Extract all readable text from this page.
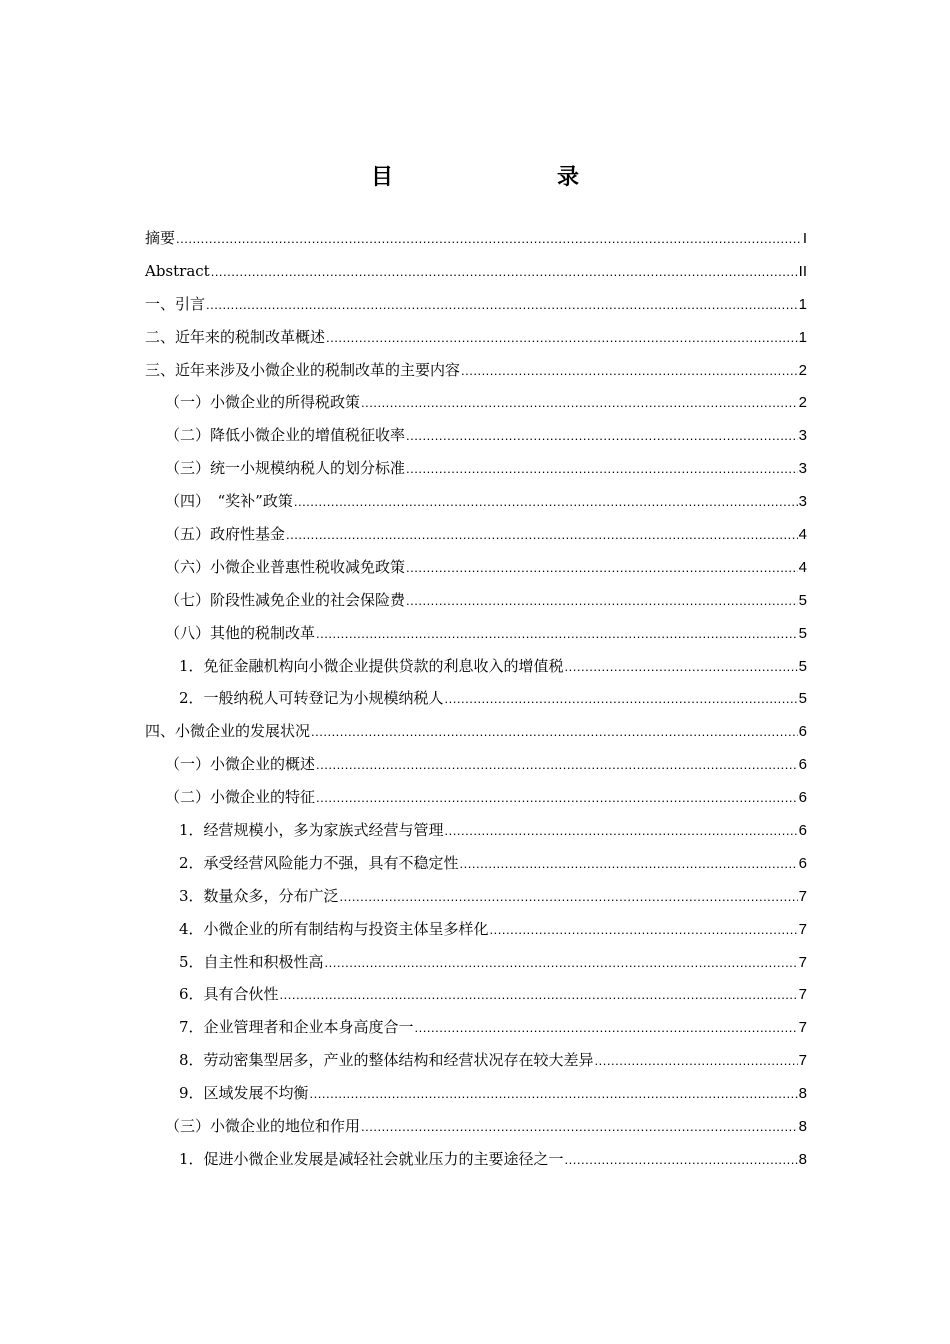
目　　录
摘要 .....	I
Abstract .....	II
一、引言 .....	1
二、近年来的税制改革概述 .....	1
三、近年来涉及小微企业的税制改革的主要内容 .....	2
（一）小微企业的所得税政策 .....	2
（二）降低小微企业的增值税征收率 .....	3
（三）统一小规模纳税人的划分标准 .....	3
（四）　“奖补”政策 .....	3
（五）政府性基金 .....	4
（六）小微企业普惠性税收减免政策 .....	4
（七）阶段性减免企业的社会保险费 .....	5
（八）其他的税制改革 .....	5
1．免征金融机构向小微企业提供贷款的利息收入的增值税 .....	5
2．一般纳税人可转登记为小规模纳税人 .....	5
四、小微企业的发展状况 .....	6
（一）小微企业的概述 .....	6
（二）小微企业的特征 .....	6
1．经营规模小，多为家族式经营与管理 .....	6
2．承受经营风险能力不强，具有不稳定性 .....	6
3．数量众多，分布广泛 .....	7
4．小微企业的所有制结构与投资主体呈多样化 .....	7
5．自主性和积极性高 .....	7
6．具有合伙性 .....	7
7．企业管理者和企业本身高度合一 .....	7
8．劳动密集型居多，产业的整体结构和经营状况存在较大差异 .....	7
9．区域发展不均衡 .....	8
（三）小微企业的地位和作用 .....	8
1．促进小微企业发展是减轻社会就业压力的主要途径之一 .....	8
